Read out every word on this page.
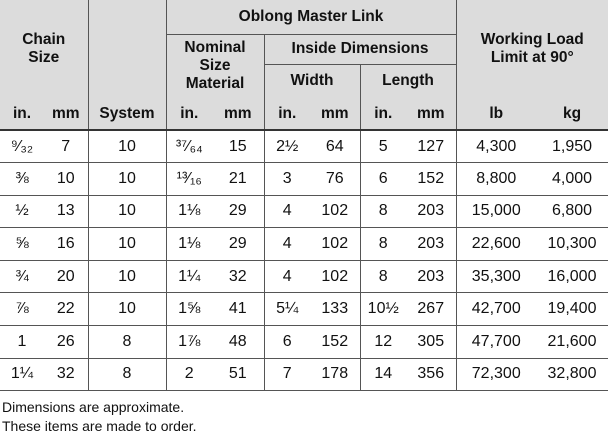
Chain Size			Oblong Master Link						Working Load Limit at 90°	
			Nominal Size Material		Inside Dimensions					
					Width		Length			
in.	mm	System	in.	mm	in.	mm	in.	mm	lb	kg
⁹⁄₃₂	7	10	³⁷⁄₆₄	15	2½	64	5	127	4,300	1,950
⅜	10	10	¹³⁄₁₆	21	3	76	6	152	8,800	4,000
½	13	10	1⅛	29	4	102	8	203	15,000	6,800
⅝	16	10	1⅛	29	4	102	8	203	22,600	10,300
¾	20	10	1¼	32	4	102	8	203	35,300	16,000
⅞	22	10	1⅝	41	5¼	133	10½	267	42,700	19,400
1	26	8	1⅞	48	6	152	12	305	47,700	21,600
1¼	32	8	2	51	7	178	14	356	72,300	32,800
Dimensions are approximate.
These items are made to order.
